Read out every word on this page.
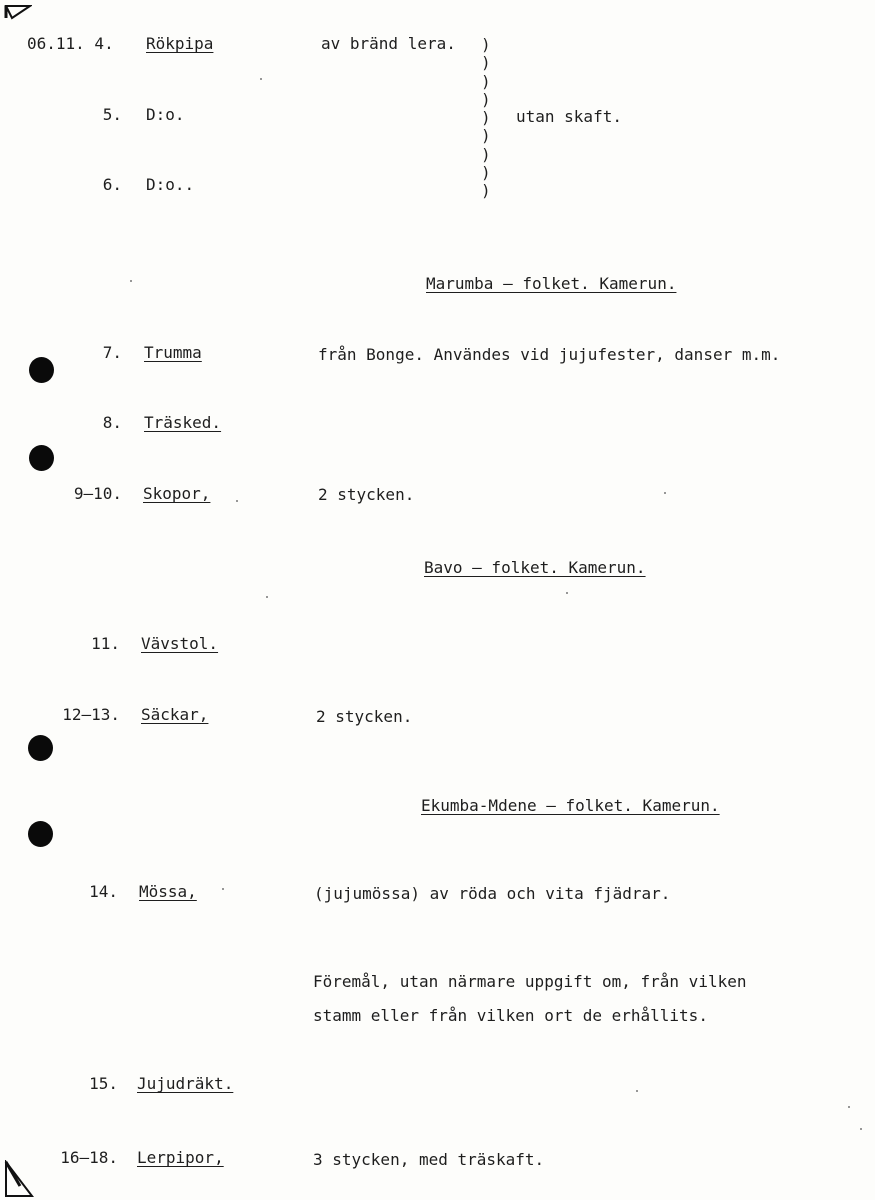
06.11. 4.	Rökpipa	av bränd lera. )
)
)
)
)
)
)
)
)
utan skaft.
5. D:o.
6. D:o..
Marumba – folket. Kamerun.
7. Trumma	från Bonge. Användes vid jujufester, danser m.m.
8. Träsked.
9–10. Skopor,	2 stycken.
Bavo – folket. Kamerun.
11. Vävstol.
12–13. Säckar,	2 stycken.
Ekumba-Mdene – folket. Kamerun.
14. Mössa,	(jujumössa) av röda och vita fjädrar.
Föremål, utan närmare uppgift om, från vilken
stamm eller från vilken ort de erhållits.
15. Jujudräkt.
16–18. Lerpipor,	3 stycken, med träskaft.
